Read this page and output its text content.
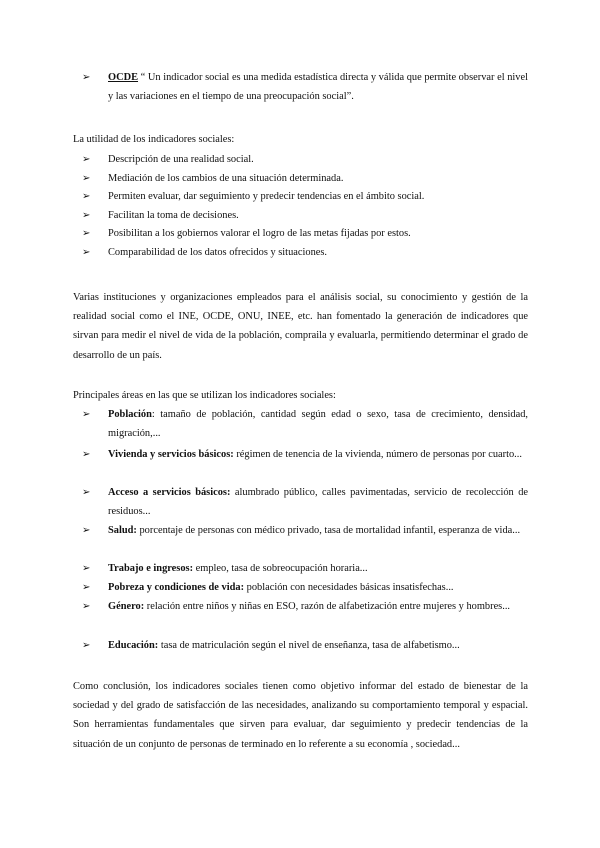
➢ OCDE “ Un indicador social es una medida estadística directa y válida que permite observar el nivel y las variaciones en el tiempo de una preocupación social”.
La utilidad de los indicadores sociales:
➢ Descripción de una realidad social.
➢ Mediación de los cambios de una situación determinada.
➢ Permiten evaluar, dar seguimiento y predecir tendencias en el ámbito social.
➢ Facilitan la toma de decisiones.
➢ Posibilitan a los gobiernos valorar el logro de las metas fijadas por estos.
➢ Comparabilidad de los datos ofrecidos y situaciones.
Varias instituciones y organizaciones empleados para el análisis social, su conocimiento y gestión de la realidad social como el INE, OCDE, ONU, INEE, etc. han fomentado la generación de indicadores que sirvan para medir el nivel de vida de la población, compraila y evaluarla, permitiendo determinar el grado de desarrollo de un país.
Principales áreas en las que se utilizan los indicadores sociales:
➢ Población: tamaño de población, cantidad según edad o sexo, tasa de crecimiento, densidad, migración,...
➢ Vivienda y servicios básicos: régimen de tenencia de la vivienda, número de personas por cuarto...
➢ Acceso a servicios básicos: alumbrado público, calles pavimentadas, servicio de recolección de residuos...
➢ Salud: porcentaje de personas con médico privado, tasa de mortalidad infantil, esperanza de vida...
➢ Trabajo e ingresos: empleo, tasa de sobreocupación horaria...
➢ Pobreza y condiciones de vida: población con necesidades básicas insatisfechas...
➢ Género: relación entre niños y niñas en ESO, razón de alfabetización entre mujeres y hombres...
➢ Educación: tasa de matriculación según el nivel de enseñanza, tasa de alfabetismo...
Como conclusión, los indicadores sociales tienen como objetivo informar del estado de bienestar de la sociedad y del grado de satisfacción de las necesidades, analizando su comportamiento temporal y espacial. Son herramientas fundamentales que sirven para evaluar, dar seguimiento y predecir tendencias de la situación de un conjunto de personas de terminado en lo referente a su economía , sociedad...
